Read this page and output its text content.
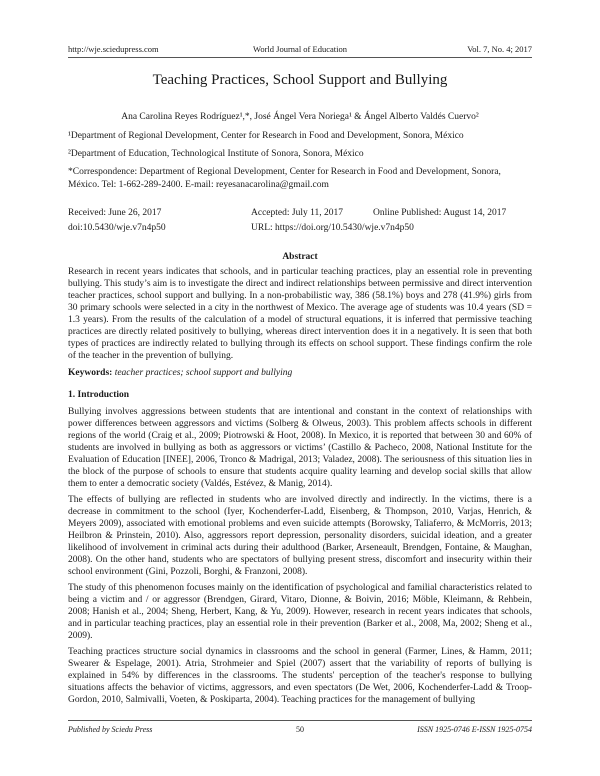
http://wje.sciedupress.com	World Journal of Education	Vol. 7, No. 4; 2017
Teaching Practices, School Support and Bullying
Ana Carolina Reyes Rodríguez¹,*, José Ángel Vera Noriega¹ & Ángel Alberto Valdés Cuervo²
¹Department of Regional Development, Center for Research in Food and Development, Sonora, México
²Department of Education, Technological Institute of Sonora, Sonora, México
*Correspondence: Department of Regional Development, Center for Research in Food and Development, Sonora, México. Tel: 1-662-289-2400. E-mail: reyesanacarolina@gmail.com
Received: June 26, 2017	Accepted: July 11, 2017	Online Published: August 14, 2017
doi:10.5430/wje.v7n4p50	URL: https://doi.org/10.5430/wje.v7n4p50
Abstract
Research in recent years indicates that schools, and in particular teaching practices, play an essential role in preventing bullying. This study’s aim is to investigate the direct and indirect relationships between permissive and direct intervention teacher practices, school support and bullying. In a non-probabilistic way, 386 (58.1%) boys and 278 (41.9%) girls from 30 primary schools were selected in a city in the northwest of Mexico. The average age of students was 10.4 years (SD = 1.3 years). From the results of the calculation of a model of structural equations, it is inferred that permissive teaching practices are directly related positively to bullying, whereas direct intervention does it in a negatively. It is seen that both types of practices are indirectly related to bullying through its effects on school support. These findings confirm the role of the teacher in the prevention of bullying.
Keywords: teacher practices; school support and bullying
1. Introduction

Bullying involves aggressions between students that are intentional and constant in the context of relationships with power differences between aggressors and victims (Solberg & Olweus, 2003). This problem affects schools in different regions of the world (Craig et al., 2009; Piotrowski & Hoot, 2008). In Mexico, it is reported that between 30 and 60% of students are involved in bullying as both as aggressors or victims’ (Castillo & Pacheco, 2008, National Institute for the Evaluation of Education [INEE], 2006, Tronco & Madrigal, 2013; Valadez, 2008). The seriousness of this situation lies in the block of the purpose of schools to ensure that students acquire quality learning and develop social skills that allow them to enter a democratic society (Valdés, Estévez, & Manig, 2014).

The effects of bullying are reflected in students who are involved directly and indirectly. In the victims, there is a decrease in commitment to the school (Iyer, Kochenderfer-Ladd, Eisenberg, & Thompson, 2010, Varjas, Henrich, & Meyers 2009), associated with emotional problems and even suicide attempts (Borowsky, Taliaferro, & McMorris, 2013; Heilbron & Prinstein, 2010). Also, aggressors report depression, personality disorders, suicidal ideation, and a greater likelihood of involvement in criminal acts during their adulthood (Barker, Arseneault, Brendgen, Fontaine, & Maughan, 2008). On the other hand, students who are spectators of bullying present stress, discomfort and insecurity within their school environment (Gini, Pozzoli, Borghi, & Franzoni, 2008).

The study of this phenomenon focuses mainly on the identification of psychological and familial characteristics related to being a victim and / or aggressor (Brendgen, Girard, Vitaro, Dionne, & Boivin, 2016; Möble, Kleimann, & Rehbein, 2008; Hanish et al., 2004; Sheng, Herbert, Kang, & Yu, 2009). However, research in recent years indicates that schools, and in particular teaching practices, play an essential role in their prevention (Barker et al., 2008, Ma, 2002; Sheng et al., 2009).

Teaching practices structure social dynamics in classrooms and the school in general (Farmer, Lines, & Hamm, 2011; Swearer & Espelage, 2001). Atria, Strohmeier and Spiel (2007) assert that the variability of reports of bullying is explained in 54% by differences in the classrooms. The students' perception of the teacher's response to bullying situations affects the behavior of victims, aggressors, and even spectators (De Wet, 2006, Kochenderfer-Ladd & Troop-Gordon, 2010, Salmivalli, Voeten, & Poskiparta, 2004). Teaching practices for the management of bullying

Published by Sciedu Press	50	ISSN 1925-0746 E-ISSN 1925-0754
